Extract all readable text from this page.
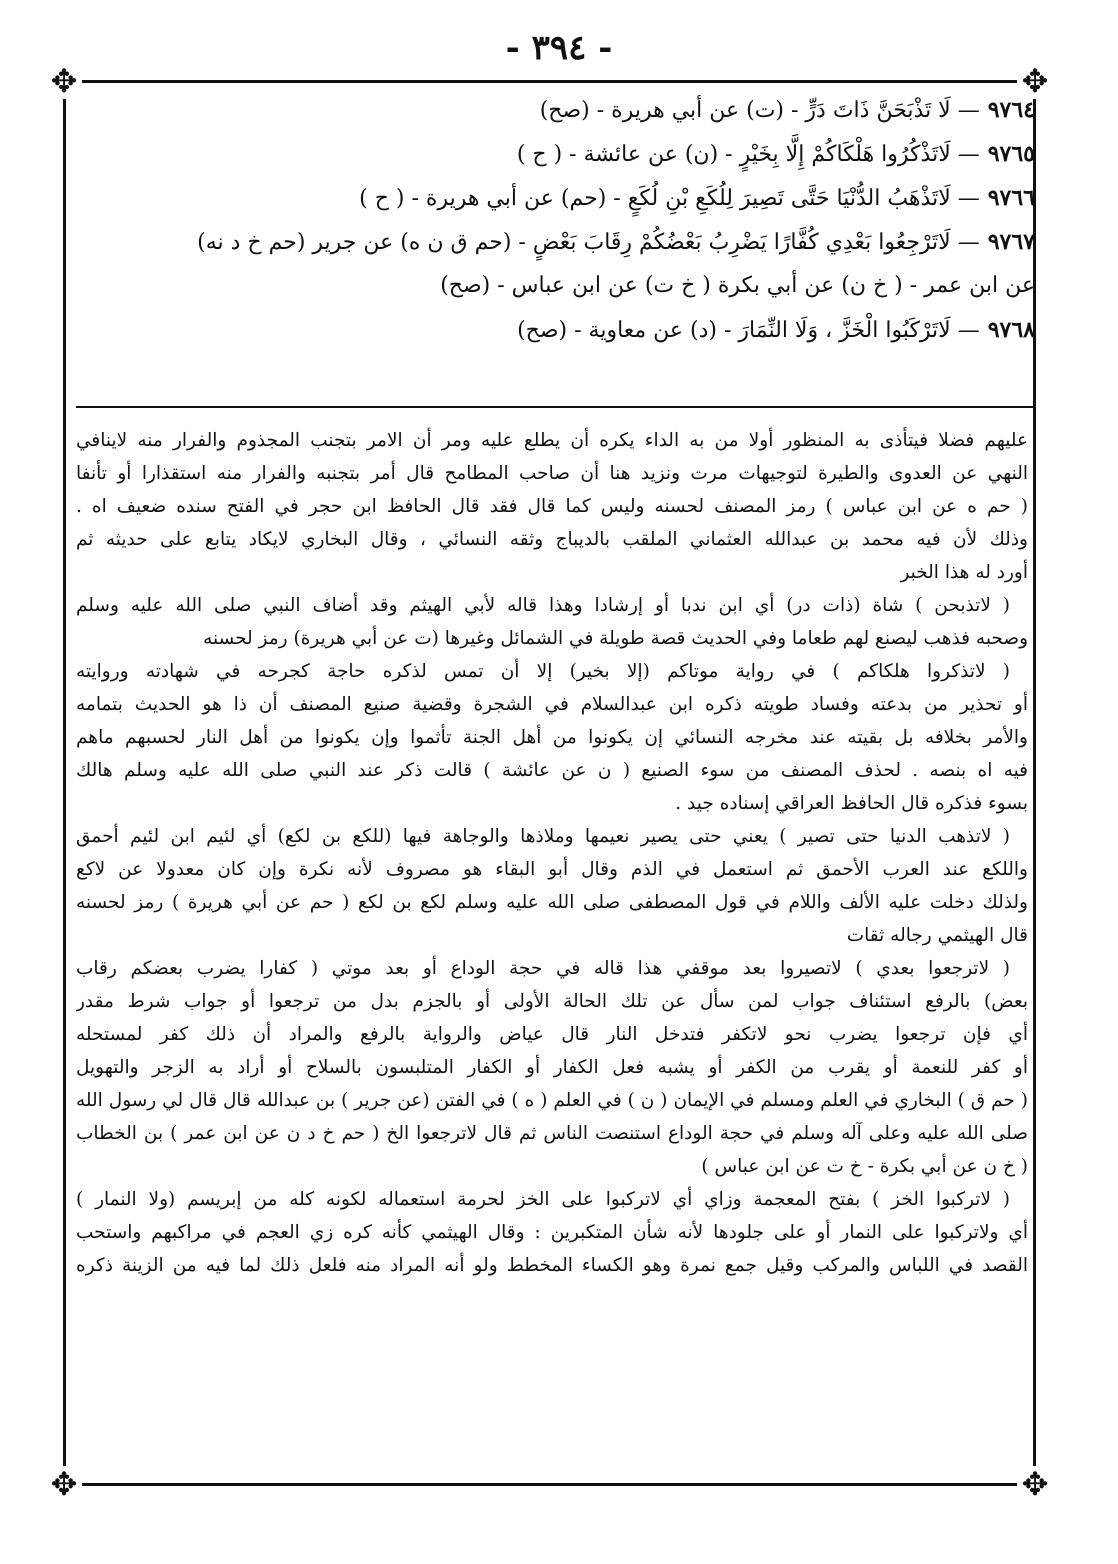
- ٣٩٤ -
✥	✥
✥	✥
٩٧٦٤— لَا تَذْبَحَنَّ ذَاتَ دَرٍّ - (ت) عن أبي هريرة - (صح)
٩٧٦٥— لَاتَذْكُرُوا هَلْكَاكُمْ إِلَّا بِخَيْرٍ - (ن) عن عائشة - ( ح )
٩٧٦٦— لَاتَذْهَبُ الدُّنْيَا حَتَّى تَصِيرَ لِلُكَعِ بْنِ لُكَعٍ - (حم) عن أبي هريرة - ( ح )
٩٧٦٧— لَاتَرْجِعُوا بَعْدِي كُفَّارًا يَضْرِبُ بَعْضُكُمْ رِقَابَ بَعْضٍ - (حم ق ن ه) عن جرير (حم خ د نه)
عن ابن عمر - ( خ ن) عن أبي بكرة ( خ ت) عن ابن عباس - (صح)
٩٧٦٨— لَاتَرْكَبُوا الْخَزَّ ، وَلَا النِّمَارَ - (د) عن معاوية - (صح)
عليهم فضلا فيتأذى به المنظور أولا من به الداء يكره أن يطلع عليه ومر أن الامر بتجنب المجذوم والفرار منه لاينافي
النهي عن العدوى والطيرة لتوجيهات مرت ونزيد هنا أن صاحب المطامح قال أمر بتجنبه والفرار منه استقذارا أو تأنفا
( حم ه عن ابن عباس ) رمز المصنف لحسنه وليس كما قال فقد قال الحافظ ابن حجر في الفتح سنده ضعيف اه .
وذلك لأن فيه محمد بن عبدالله العثماني الملقب بالديباج وثقه النسائي ، وقال البخاري لايكاد يتابع على حديثه ثم
أورد له هذا الخبر
( لاتذبحن ) شاة (ذات در) أي ابن ندبا أو إرشادا وهذا قاله لأبي الهيثم وقد أضاف النبي صلى الله عليه وسلم
وصحبه فذهب ليصنع لهم طعاما وفي الحديث قصة طويلة في الشمائل وغيرها (ت عن أبي هريرة) رمز لحسنه
( لاتذكروا هلكاكم ) في رواية موتاكم (إلا بخير) إلا أن تمس لذكره حاجة كجرحه في شهادته وروايته
أو تحذير من بدعته وفساد طويته ذكره ابن عبدالسلام في الشجرة وقضية صنيع المصنف أن ذا هو الحديث بتمامه
والأمر بخلافه بل بقيته عند مخرجه النسائي إن يكونوا من أهل الجنة تأثموا وإن يكونوا من أهل النار لحسبهم ماهم
فيه اه بنصه . لحذف المصنف من سوء الصنيع ( ن عن عائشة ) قالت ذكر عند النبي صلى الله عليه وسلم هالك
بسوء فذكره قال الحافظ العراقي إسناده جيد .
( لاتذهب الدنيا حتى تصير ) يعني حتى يصير نعيمها وملاذها والوجاهة فيها (للكع بن لكع) أي لئيم ابن لئيم أحمق
واللكع عند العرب الأحمق ثم استعمل في الذم وقال أبو البقاء هو مصروف لأنه نكرة وإن كان معدولا عن لاكع
ولذلك دخلت عليه الألف واللام في قول المصطفى صلى الله عليه وسلم لكع بن لكع ( حم عن أبي هريرة ) رمز لحسنه
قال الهيثمي رجاله ثقات
( لاترجعوا بعدي ) لاتصيروا بعد موقفي هذا قاله في حجة الوداع أو بعد موتي ( كفارا يضرب بعضكم رقاب
بعض) بالرفع استئناف جواب لمن سأل عن تلك الحالة الأولى أو بالجزم بدل من ترجعوا أو جواب شرط مقدر
أي فإن ترجعوا يضرب نحو لاتكفر فتدخل النار قال عياض والرواية بالرفع والمراد أن ذلك كفر لمستحله
أو كفر للنعمة أو يقرب من الكفر أو يشبه فعل الكفار أو الكفار المتلبسون بالسلاح أو أراد به الزجر والتهويل
( حم ق ) البخاري في العلم ومسلم في الإيمان ( ن ) في العلم ( ه ) في الفتن (عن جرير ) بن عبدالله قال قال لي رسول الله
صلى الله عليه وعلى آله وسلم في حجة الوداع استنصت الناس ثم قال لاترجعوا الخ ( حم خ د ن عن ابن عمر ) بن الخطاب
( خ ن عن أبي بكرة - خ ت عن ابن عباس )
( لاتركبوا الخز ) بفتح المعجمة وزاي أي لاتركبوا على الخز لحرمة استعماله لكونه كله من إبريسم (ولا النمار )
أي ولاتركبوا على النمار أو على جلودها لأنه شأن المتكبرين : وقال الهيثمي كأنه كره زي العجم في مراكبهم واستحب
القصد في اللباس والمركب وقيل جمع نمرة وهو الكساء المخطط ولو أنه المراد منه فلعل ذلك لما فيه من الزينة ذكره
